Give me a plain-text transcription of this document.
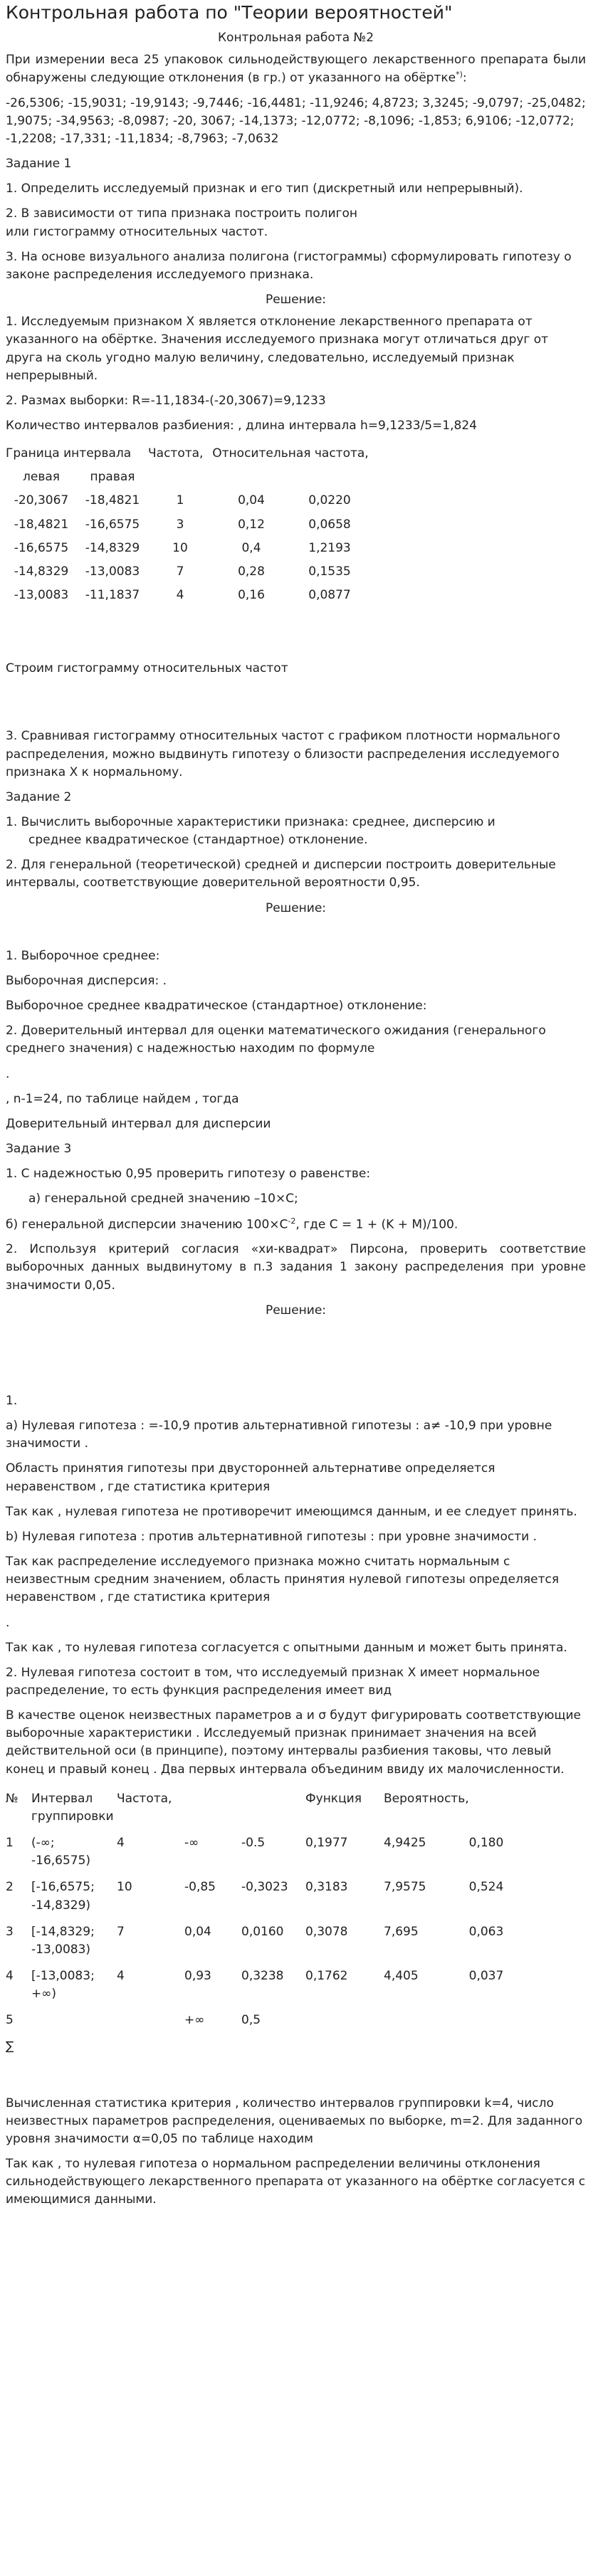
Контрольная работа по "Теории вероятностей"
Контрольная работа №2

При измерении веса 25 упаковок сильнодействующего лекарственного препарата были обнаружены следующие отклонения (в гр.) от указанного на обёртке*):

-26,5306; -15,9031; -19,9143; -9,7446; -16,4481; -11,9246; 4,8723; 3,3245; -9,0797; -25,0482; 1,9075; -34,9563; -8,0987; -20, 3067; -14,1373; -12,0772; -8,1096; -1,853; 6,9106; -12,0772; -1,2208; -17,331; -11,1834; -8,7963; -7,0632

Задание 1

1. Определить исследуемый признак и его тип (дискретный или непрерывный).

2. В зависимости от типа признака построить полигон

или гистограмму относительных частот.

3. На основе визуального анализа полигона (гистограммы) сформулировать гипотезу о законе распределения исследуемого признака.

Решение:

1. Исследуемым признаком X является отклонение лекарственного препарата от указанного на обёртке. Значения исследуемого признака могут отличаться друг от друга на сколь угодно малую величину, следовательно, исследуемый признак непрерывный.

2. Размах выборки: R=-11,1834-(-20,3067)=9,1233

Количество интервалов разбиения: , длина интервала h=9,1233/5=1,824

Граница интервала		Частота,	Относительная частота,	
левая	правая			
-20,3067	-18,4821	1	0,04	0,0220
-18,4821	-16,6575	3	0,12	0,0658
-16,6575	-14,8329	10	0,4	1,2193
-14,8329	-13,0083	7	0,28	0,1535
-13,0083	-11,1837	4	0,16	0,0877

Строим гистограмму относительных частот

3. Сравнивая гистограмму относительных частот с графиком плотности нормального распределения, можно выдвинуть гипотезу о близости распределения исследуемого признака X к нормальному.

Задание 2

1. Вычислить выборочные характеристики признака: среднее, дисперсию и

среднее квадратическое (стандартное) отклонение.

2. Для генеральной (теоретической) средней и дисперсии построить доверительные интервалы, соответствующие доверительной вероятности 0,95.

Решение:

1. Выборочное среднее:

Выборочная дисперсия: .

Выборочное среднее квадратическое (стандартное) отклонение:

2. Доверительный интервал для оценки математического ожидания (генерального среднего значения) с надежностью находим по формуле

.

, n-1=24, по таблице найдем , тогда

Доверительный интервал для дисперсии

Задание 3

1. С надежностью 0,95 проверить гипотезу о равенстве:

а) генеральной средней значению –10×C;

б) генеральной дисперсии значению $100\times C^{-2}$, где C = 1 + (K + M)/100.

2. Используя критерий согласия «хи-квадрат» Пирсона, проверить соответствие выборочных данных выдвинутому в п.3 задания 1 закону распределения при уровне значимости 0,05.

Решение:

1.

а) Нулевая гипотеза : =-10,9 против альтернативной гипотезы : a≠ -10,9 при уровне значимости .

Область принятия гипотезы при двусторонней альтернативе определяется неравенством , где статистика критерия

Так как , нулевая гипотеза не противоречит имеющимся данным, и ее следует принять.

b) Нулевая гипотеза : против альтернативной гипотезы : при уровне значимости .

Так как распределение исследуемого признака можно считать нормальным с неизвестным средним значением, область принятия нулевой гипотезы определяется неравенством , где статистика критерия

.

Так как , то нулевая гипотеза согласуется с опытными данным и может быть принята.

2. Нулевая гипотеза состоит в том, что исследуемый признак X имеет нормальное распределение, то есть функция распределения имеет вид

В качестве оценок неизвестных параметров a и σ будут фигурировать соответствующие выборочные характеристики . Исследуемый признак принимает значения на всей действительной оси (в принципе), поэтому интервалы разбиения таковы, что левый конец и правый конец . Два первых интервала объединим ввиду их малочисленности.

№	Интервал группировки	Частота,			Функция	Вероятность,	
1	(-∞; -16,6575)	4	-∞	-0.5	0,1977	4,9425	0,180
2	[-16,6575; -14,8329)	10	-0,85	-0,3023	0,3183	7,9575	0,524
3	[-14,8329; -13,0083)	7	0,04	0,0160	0,3078	7,695	0,063
4	[-13,0083; +∞)	4	0,93	0,3238	0,1762	4,405	0,037
5			+∞	0,5			
∑							

Вычисленная статистика критерия , количество интервалов группировки k=4, число неизвестных параметров распределения, оцениваемых по выборке, m=2. Для заданного уровня значимости α=0,05 по таблице находим

Так как , то нулевая гипотеза о нормальном распределении величины отклонения сильнодействующего лекарственного препарата от указанного на обёртке согласуется с имеющимися данными.
